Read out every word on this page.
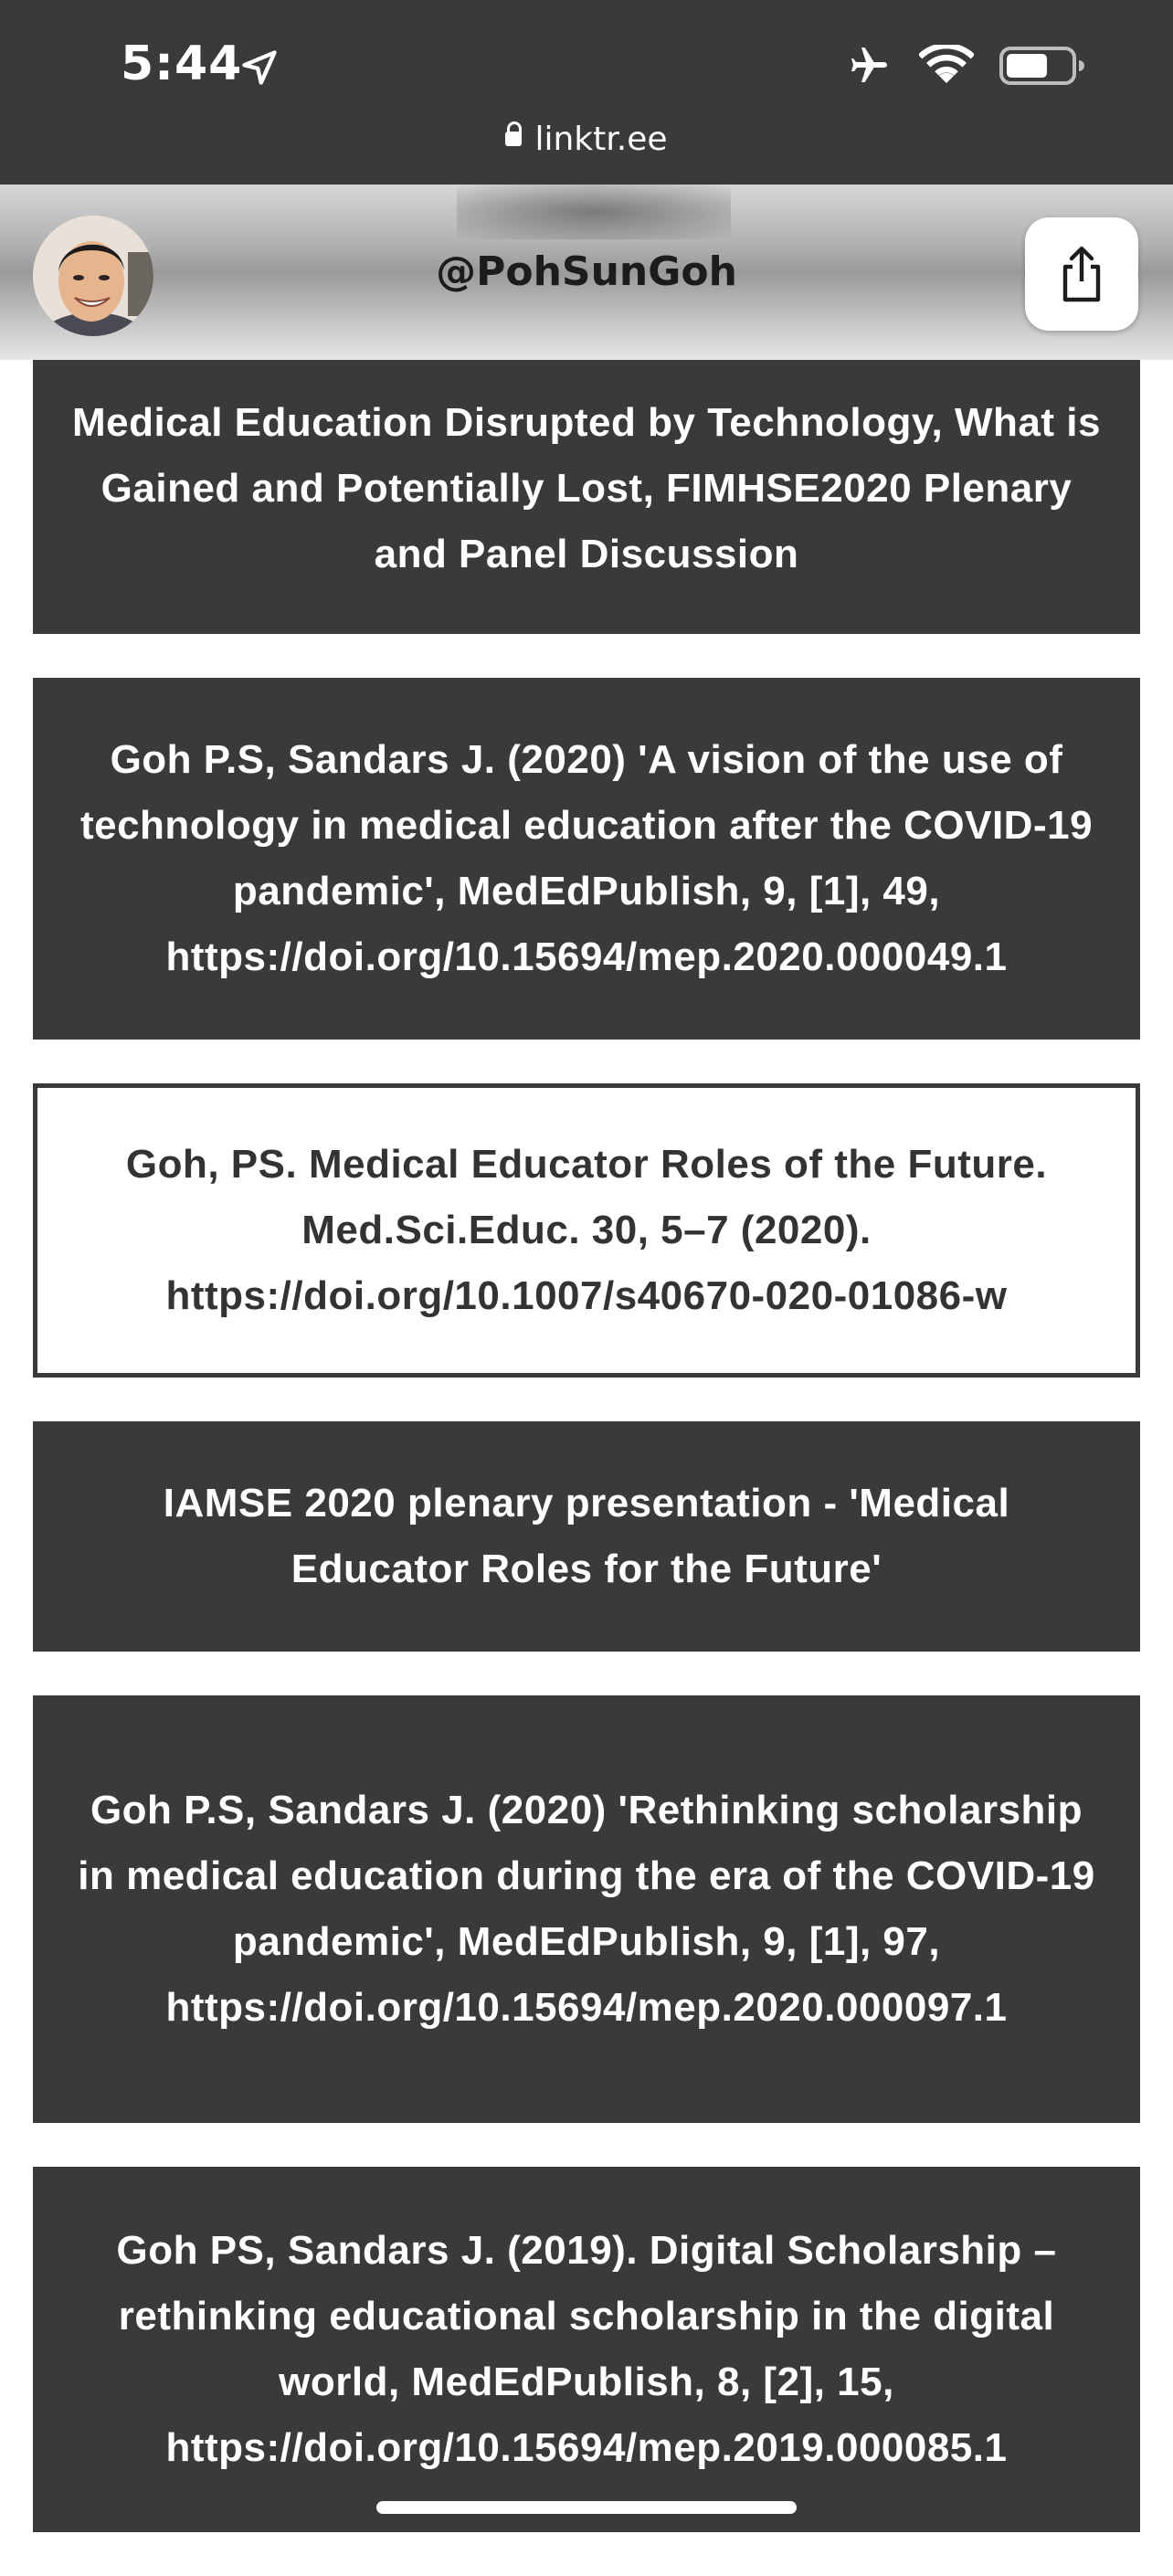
5:44
linktr.ee
@PohSunGoh
Medical Education Disrupted by Technology, What is Gained and Potentially Lost, FIMHSE2020 Plenary and Panel Discussion
Goh P.S, Sandars J. (2020) 'A vision of the use of technology in medical education after the COVID-19 pandemic', MedEdPublish, 9, [1], 49, https://doi.org/10.15694/mep.2020.000049.1
Goh, PS. Medical Educator Roles of the Future. Med.Sci.Educ. 30, 5–7 (2020). https://doi.org/10.1007/s40670-020-01086-w
IAMSE 2020 plenary presentation - 'Medical Educator Roles for the Future'
Goh P.S, Sandars J. (2020) 'Rethinking scholarship in medical education during the era of the COVID-19 pandemic', MedEdPublish, 9, [1], 97, https://doi.org/10.15694/mep.2020.000097.1
Goh PS, Sandars J. (2019). Digital Scholarship – rethinking educational scholarship in the digital world, MedEdPublish, 8, [2], 15, https://doi.org/10.15694/mep.2019.000085.1
